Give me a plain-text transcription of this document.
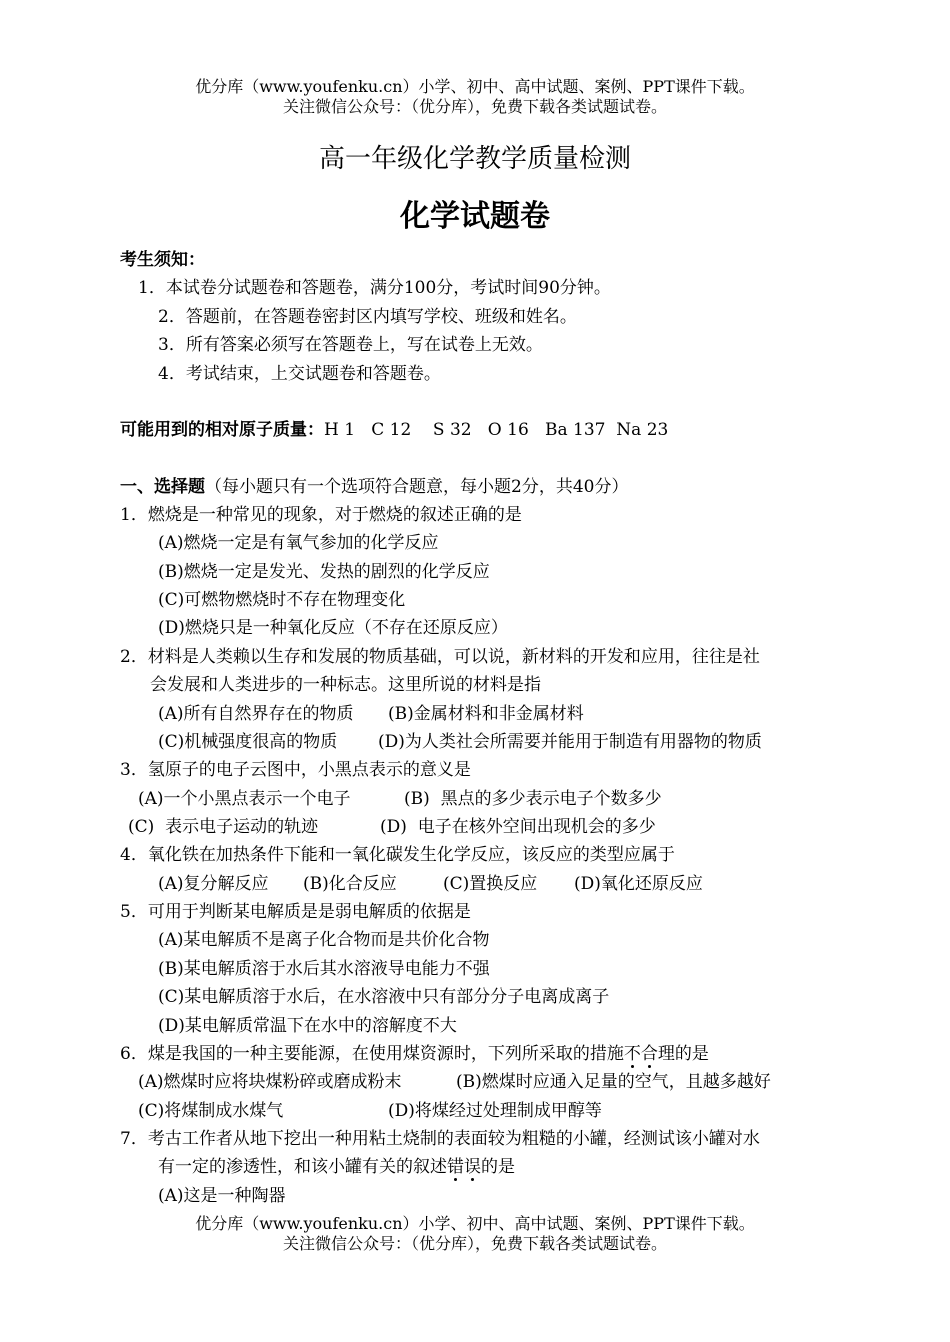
优分库（www.youfenku.cn）小学、初中、高中试题、案例、PPT课件下载。
关注微信公众号：（优分库），免费下载各类试题试卷。
高一年级化学教学质量检测
化学试题卷
考生须知：
1．本试卷分试题卷和答题卷，满分100分，考试时间90分钟。
2．答题前，在答题卷密封区内填写学校、班级和姓名。
3．所有答案必须写在答题卷上，写在试卷上无效。
4．考试结束，上交试题卷和答题卷。
可能用到的相对原子质量：H 1   C 12    S 32   O 16   Ba 137  Na 23
一、选择题（每小题只有一个选项符合题意，每小题2分，共40分）
1．燃烧是一种常见的现象，对于燃烧的叙述正确的是
(A)燃烧一定是有氧气参加的化学反应
(B)燃烧一定是发光、发热的剧烈的化学反应
(C)可燃物燃烧时不存在物理变化
(D)燃烧只是一种氧化反应（不存在还原反应）
2．材料是人类赖以生存和发展的物质基础，可以说，新材料的开发和应用，往往是社
会发展和人类进步的一种标志。这里所说的材料是指
(A)所有自然界存在的物质 (B)金属材料和非金属材料
(C)机械强度很高的物质 (D)为人类社会所需要并能用于制造有用器物的物质
3．氢原子的电子云图中，小黑点表示的意义是
(A)一个小黑点表示一个电子	(B)  黑点的多少表示电子个数多少
(C)  表示电子运动的轨迹	(D)  电子在核外空间出现机会的多少
4．氧化铁在加热条件下能和一氧化碳发生化学反应，该反应的类型应属于
(A)复分解反应 (B)化合反应	(C)置换反应 (D)氧化还原反应
5．可用于判断某电解质是是弱电解质的依据是
(A)某电解质不是离子化合物而是共价化合物
(B)某电解质溶于水后其水溶液导电能力不强
(C)某电解质溶于水后，在水溶液中只有部分分子电离成离子
(D)某电解质常温下在水中的溶解度不大
6．煤是我国的一种主要能源，在使用煤资源时，下列所采取的措施不合理的是
(A)燃煤时应将块煤粉碎或磨成粉末	(B)燃煤时应通入足量的空气，且越多越好
(C)将煤制成水煤气	(D)将煤经过处理制成甲醇等
7．考古工作者从地下挖出一种用粘土烧制的表面较为粗糙的小罐，经测试该小罐对水
有一定的渗透性，和该小罐有关的叙述错误的是
(A)这是一种陶器
优分库（www.youfenku.cn）小学、初中、高中试题、案例、PPT课件下载。
关注微信公众号：（优分库），免费下载各类试题试卷。
